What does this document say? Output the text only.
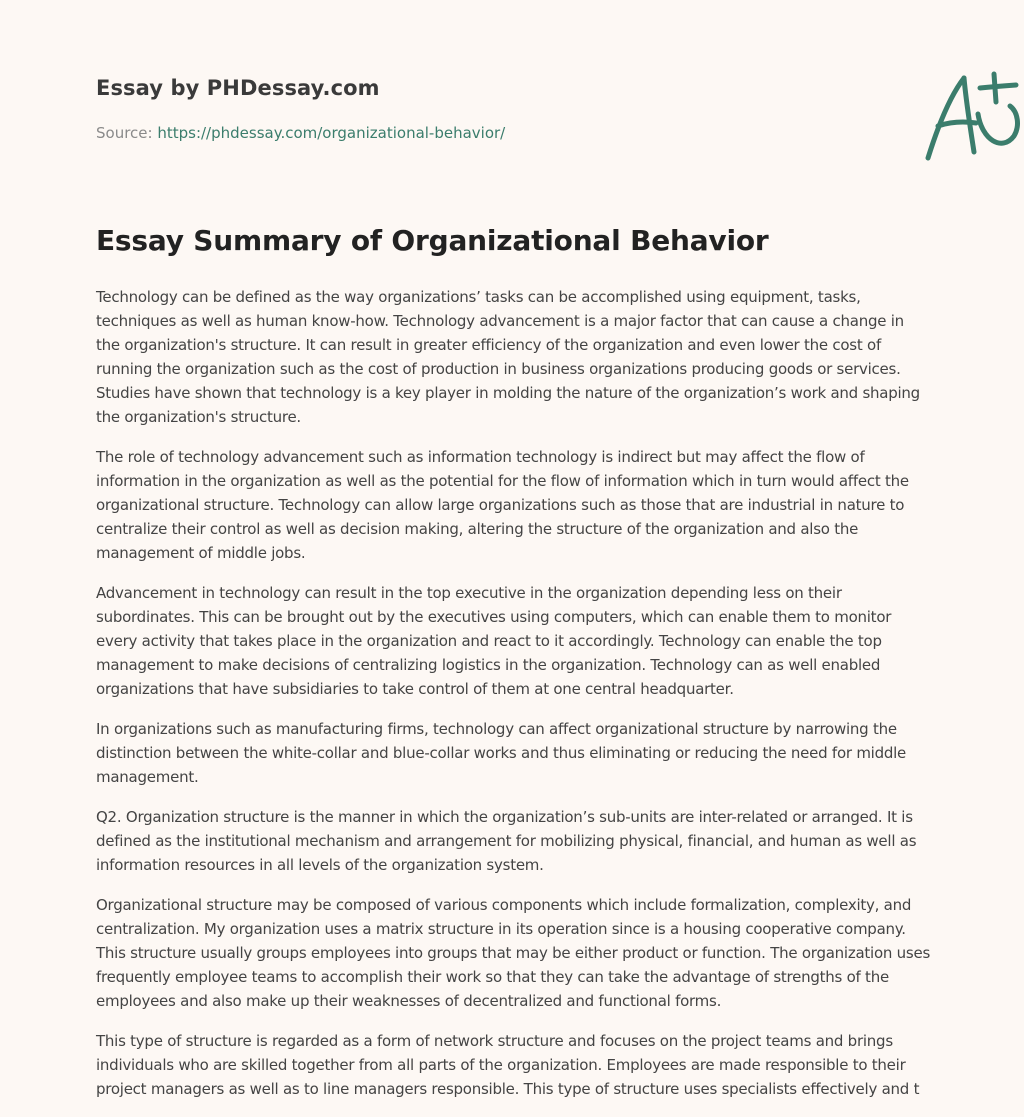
Essay by PHDessay.com
Source: https://phdessay.com/organizational-behavior/
Essay Summary of Organizational Behavior

Technology can be defined as the way organizations’ tasks can be accomplished using equipment, tasks, techniques as well as human know-how. Technology advancement is a major factor that can cause a change in the organization's structure. It can result in greater efficiency of the organization and even lower the cost of running the organization such as the cost of production in business organizations producing goods or services. Studies have shown that technology is a key player in molding the nature of the organization’s work and shaping the organization's structure.

The role of technology advancement such as information technology is indirect but may affect the flow of information in the organization as well as the potential for the flow of information which in turn would affect the organizational structure. Technology can allow large organizations such as those that are industrial in nature to centralize their control as well as decision making, altering the structure of the organization and also the management of middle jobs.

Advancement in technology can result in the top executive in the organization depending less on their subordinates. This can be brought out by the executives using computers, which can enable them to monitor every activity that takes place in the organization and react to it accordingly. Technology can enable the top management to make decisions of centralizing logistics in the organization. Technology can as well enabled organizations that have subsidiaries to take control of them at one central headquarter.

In organizations such as manufacturing firms, technology can affect organizational structure by narrowing the distinction between the white-collar and blue-collar works and thus eliminating or reducing the need for middle management.

Q2. Organization structure is the manner in which the organization’s sub-units are inter-related or arranged. It is defined as the institutional mechanism and arrangement for mobilizing physical, financial, and human as well as information resources in all levels of the organization system.

Organizational structure may be composed of various components which include formalization, complexity, and centralization. My organization uses a matrix structure in its operation since is a housing cooperative company. This structure usually groups employees into groups that may be either product or function. The organization uses frequently employee teams to accomplish their work so that they can take the advantage of strengths of the employees and also make up their weaknesses of decentralized and functional forms.

This type of structure is regarded as a form of network structure and focuses on the project teams and brings individuals who are skilled together from all parts of the organization. Employees are made responsible to their project managers as well as to line managers responsible. This type of structure uses specialists effectively and t
